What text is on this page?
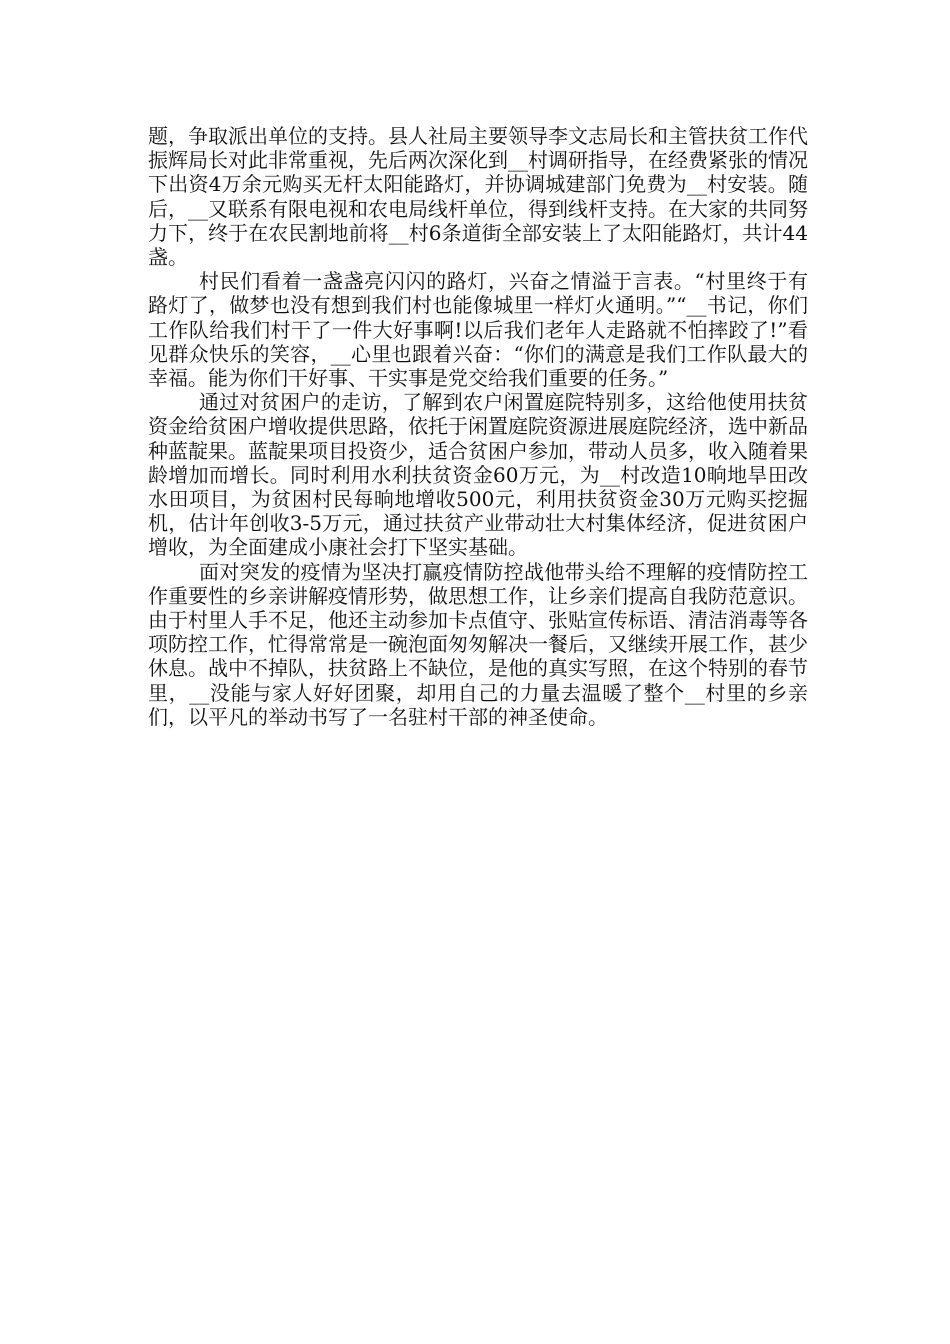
题，争取派出单位的支持。县人社局主要领导李文志局长和主管扶贫工作代振辉局长对此非常重视，先后两次深化到__村调研指导，在经费紧张的情况下出资4万余元购买无杆太阳能路灯，并协调城建部门免费为__村安装。随后，__又联系有限电视和农电局线杆单位，得到线杆支持。在大家的共同努力下，终于在农民割地前将__村6条道街全部安装上了太阳能路灯，共计44盏。

村民们看着一盏盏亮闪闪的路灯，兴奋之情溢于言表。“村里终于有路灯了，做梦也没有想到我们村也能像城里一样灯火通明。”“__书记，你们工作队给我们村干了一件大好事啊!以后我们老年人走路就不怕摔跤了!”看见群众快乐的笑容，__心里也跟着兴奋：“你们的满意是我们工作队最大的幸福。能为你们干好事、干实事是党交给我们重要的任务。”

通过对贫困户的走访，了解到农户闲置庭院特别多，这给他使用扶贫资金给贫困户增收提供思路，依托于闲置庭院资源进展庭院经济，选中新品种蓝靛果。蓝靛果项目投资少，适合贫困户参加，带动人员多，收入随着果龄增加而增长。同时利用水利扶贫资金60万元，为__村改造10晌地旱田改水田项目，为贫困村民每晌地增收500元，利用扶贫资金30万元购买挖掘机，估计年创收3-5万元，通过扶贫产业带动壮大村集体经济，促进贫困户增收，为全面建成小康社会打下坚实基础。

面对突发的疫情为坚决打赢疫情防控战他带头给不理解的疫情防控工作重要性的乡亲讲解疫情形势，做思想工作，让乡亲们提高自我防范意识。由于村里人手不足，他还主动参加卡点值守、张贴宣传标语、清洁消毒等各项防控工作，忙得常常是一碗泡面匆匆解决一餐后，又继续开展工作，甚少休息。战中不掉队，扶贫路上不缺位，是他的真实写照，在这个特别的春节里，__没能与家人好好团聚，却用自己的力量去温暖了整个__村里的乡亲们，以平凡的举动书写了一名驻村干部的神圣使命。
